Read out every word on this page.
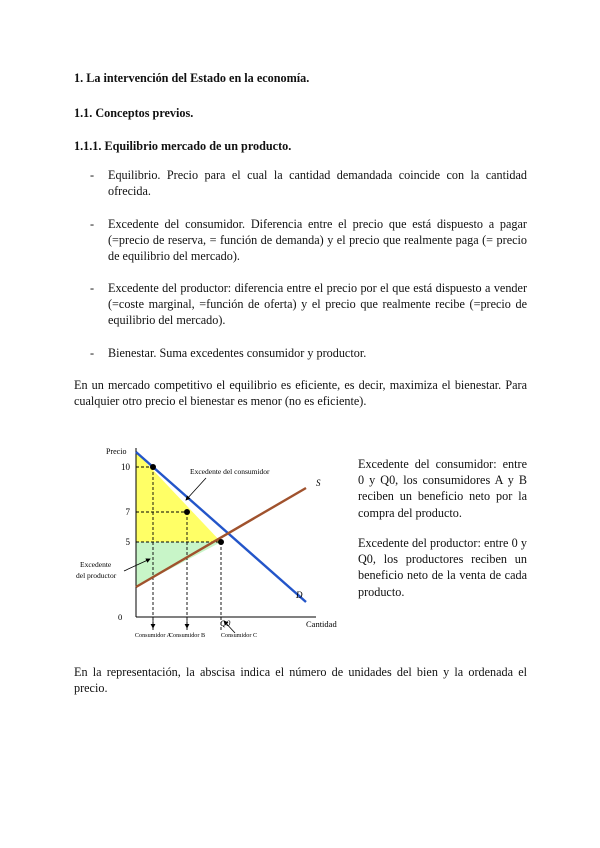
1. La intervención del Estado en la economía.
1.1. Conceptos previos.
1.1.1. Equilibrio mercado de un producto.
- Equilibrio. Precio para el cual la cantidad demandada coincide con la cantidad ofrecida.
- Excedente del consumidor. Diferencia entre el precio que está dispuesto a pagar (=precio de reserva, = función de demanda) y el precio que realmente paga (= precio de equilibrio del mercado).
- Excedente del productor: diferencia entre el precio por el que está dispuesto a vender (=coste marginal, =función de oferta) y el precio que realmente recibe (=precio de equilibrio del mercado).
- Bienestar. Suma excedentes consumidor y productor.
En un mercado competitivo el equilibrio es eficiente, es decir, maximiza el bienestar. Para cualquier otro precio el bienestar es menor (no es eficiente).
10
7
5
Consumidor A
Consumidor B	Consumidor C
Precio
Cantidad
0
D
S
Q0
Excedente del consumidor
Excedente
del productor
Excedente del consumidor: entre 0 y Q0, los consumidores A y B reciben un beneficio neto por la compra del producto.
Excedente del productor: entre 0 y Q0, los productores reciben un beneficio neto de la venta de cada producto.
En la representación, la abscisa indica el número de unidades del bien y la ordenada el precio.
